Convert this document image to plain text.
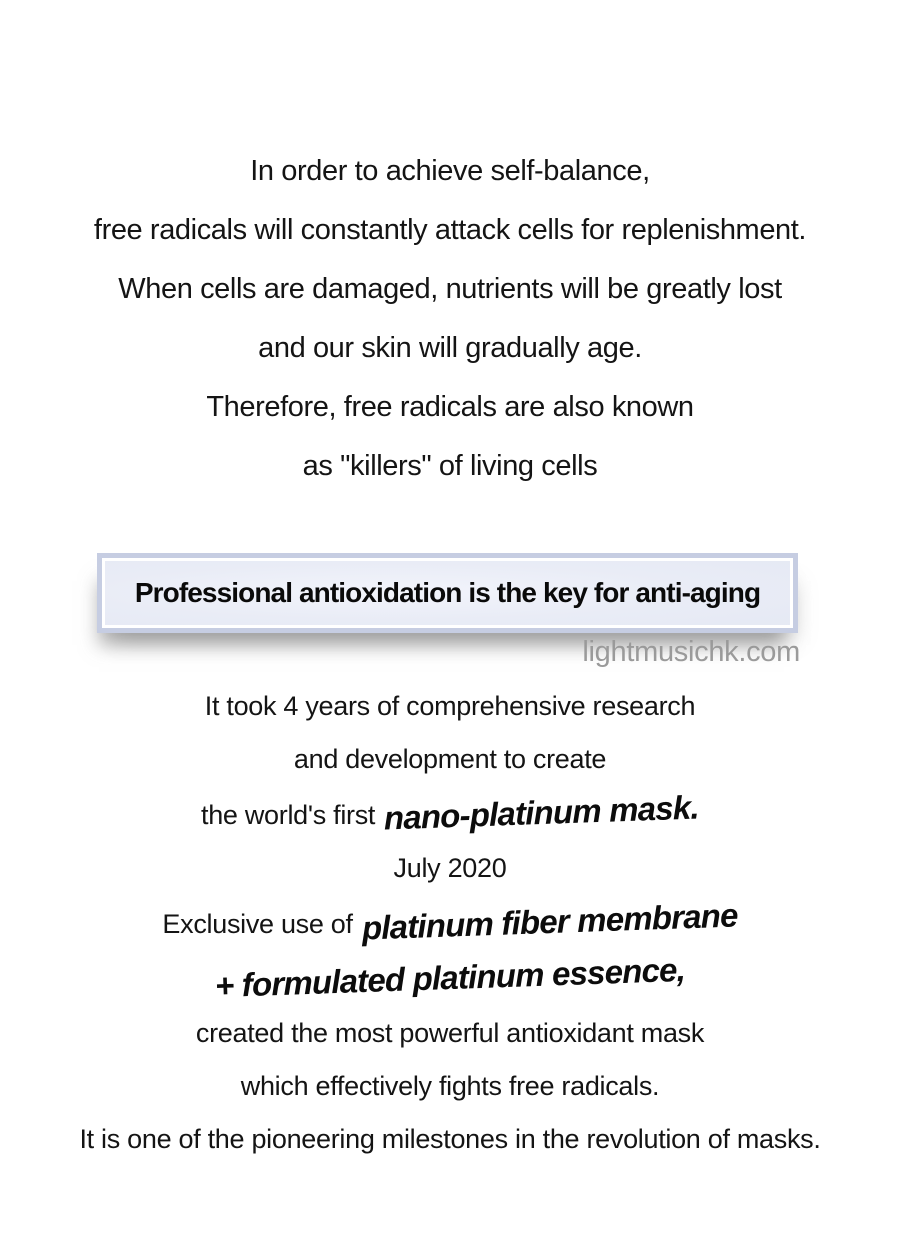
In order to achieve self-balance,
free radicals will constantly attack cells for replenishment.
When cells are damaged, nutrients will be greatly lost
and our skin will gradually age.
Therefore, free radicals are also known
as "killers" of living cells
Professional antioxidation is the key for anti-aging
lightmusichk.com
It took 4 years of comprehensive research
and development to create
the world's first nano-platinum mask.
July 2020
Exclusive use of platinum fiber membrane
+ formulated platinum essence,
created the most powerful antioxidant mask
which effectively fights free radicals.
It is one of the pioneering milestones in the revolution of masks.
